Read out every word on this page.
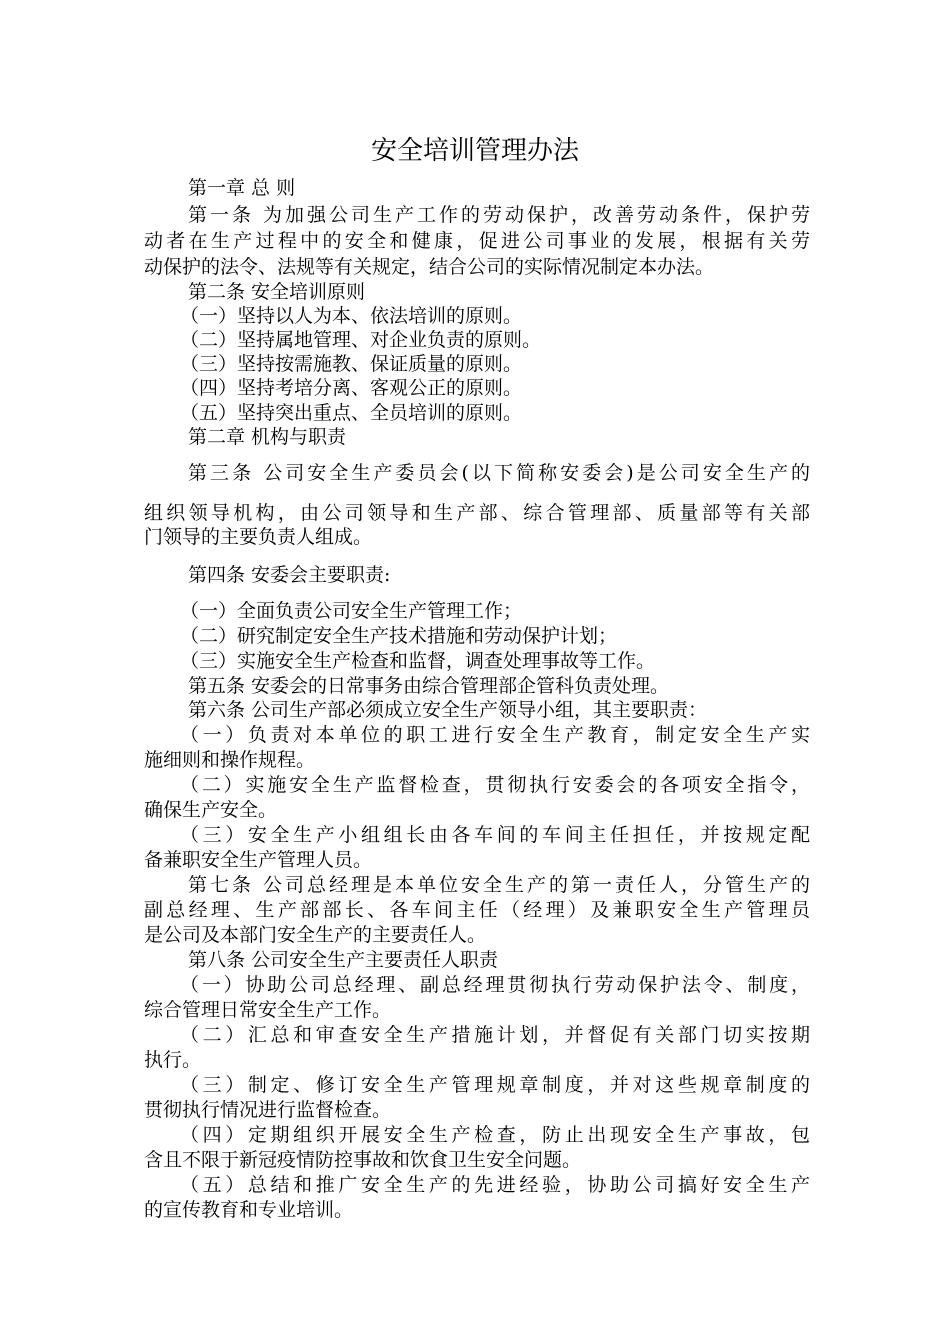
安全培训管理办法
第一章 总 则
第一条 为加强公司生产工作的劳动保护，改善劳动条件，保护劳
动者在生产过程中的安全和健康，促进公司事业的发展，根据有关劳
动保护的法令、法规等有关规定，结合公司的实际情况制定本办法。
第二条 安全培训原则
（一）坚持以人为本、依法培训的原则。
（二）坚持属地管理、对企业负责的原则。
（三）坚持按需施教、保证质量的原则。
（四）坚持考培分离、客观公正的原则。
（五）坚持突出重点、全员培训的原则。
第二章 机构与职责
第三条 公司安全生产委员会(以下简称安委会)是公司安全生产的
组织领导机构，由公司领导和生产部、综合管理部、质量部等有关部
门领导的主要负责人组成。
第四条 安委会主要职责:
（一）全面负责公司安全生产管理工作；
（二）研究制定安全生产技术措施和劳动保护计划；
（三）实施安全生产检查和监督，调查处理事故等工作。
第五条 安委会的日常事务由综合管理部企管科负责处理。
第六条 公司生产部必须成立安全生产领导小组，其主要职责：
（一）负责对本单位的职工进行安全生产教育，制定安全生产实
施细则和操作规程。
（二）实施安全生产监督检查，贯彻执行安委会的各项安全指令，
确保生产安全。
（三）安全生产小组组长由各车间的车间主任担任，并按规定配
备兼职安全生产管理人员。
第七条 公司总经理是本单位安全生产的第一责任人，分管生产的
副总经理、生产部部长、各车间主任（经理）及兼职安全生产管理员
是公司及本部门安全生产的主要责任人。
第八条 公司安全生产主要责任人职责
（一）协助公司总经理、副总经理贯彻执行劳动保护法令、制度，
综合管理日常安全生产工作。
（二）汇总和审查安全生产措施计划，并督促有关部门切实按期
执行。
（三）制定、修订安全生产管理规章制度，并对这些规章制度的
贯彻执行情况进行监督检查。
（四）定期组织开展安全生产检查，防止出现安全生产事故，包
含且不限于新冠疫情防控事故和饮食卫生安全问题。
（五）总结和推广安全生产的先进经验，协助公司搞好安全生产
的宣传教育和专业培训。
